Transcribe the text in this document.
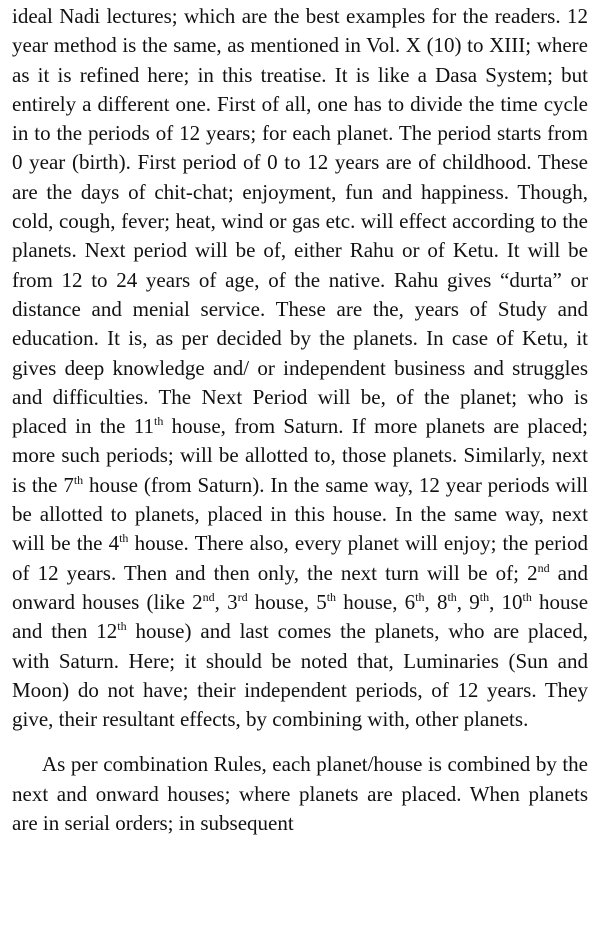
ideal Nadi lectures; which are the best examples for the readers. 12 year method is the same, as mentioned in Vol. X (10) to XIII; where as it is refined here; in this treatise. It is like a Dasa System; but entirely a different one. First of all, one has to divide the time cycle in to the periods of 12 years; for each planet. The period starts from 0 year (birth). First period of 0 to 12 years are of childhood. These are the days of chit-chat; enjoyment, fun and happiness. Though, cold, cough, fever; heat, wind or gas etc. will effect according to the planets. Next period will be of, either Rahu or of Ketu. It will be from 12 to 24 years of age, of the native. Rahu gives “durta” or distance and menial service. These are the, years of Study and education. It is, as per decided by the planets. In case of Ketu, it gives deep knowledge and/ or independent business and struggles and difficulties. The Next Period will be, of the planet; who is placed in the 11th house, from Saturn. If more planets are placed; more such periods; will be allotted to, those planets. Similarly, next is the 7th house (from Saturn). In the same way, 12 year periods will be allotted to planets, placed in this house. In the same way, next will be the 4th house. There also, every planet will enjoy; the period of 12 years. Then and then only, the next turn will be of; 2nd and onward houses (like 2nd, 3rd house, 5th house, 6th, 8th, 9th, 10th house and then 12th house) and last comes the planets, who are placed, with Saturn. Here; it should be noted that, Luminaries (Sun and Moon) do not have; their independent periods, of 12 years. They give, their resultant effects, by combining with, other planets.

As per combination Rules, each planet/house is combined by the next and onward houses; where planets are placed. When planets are in serial orders; in subsequent
